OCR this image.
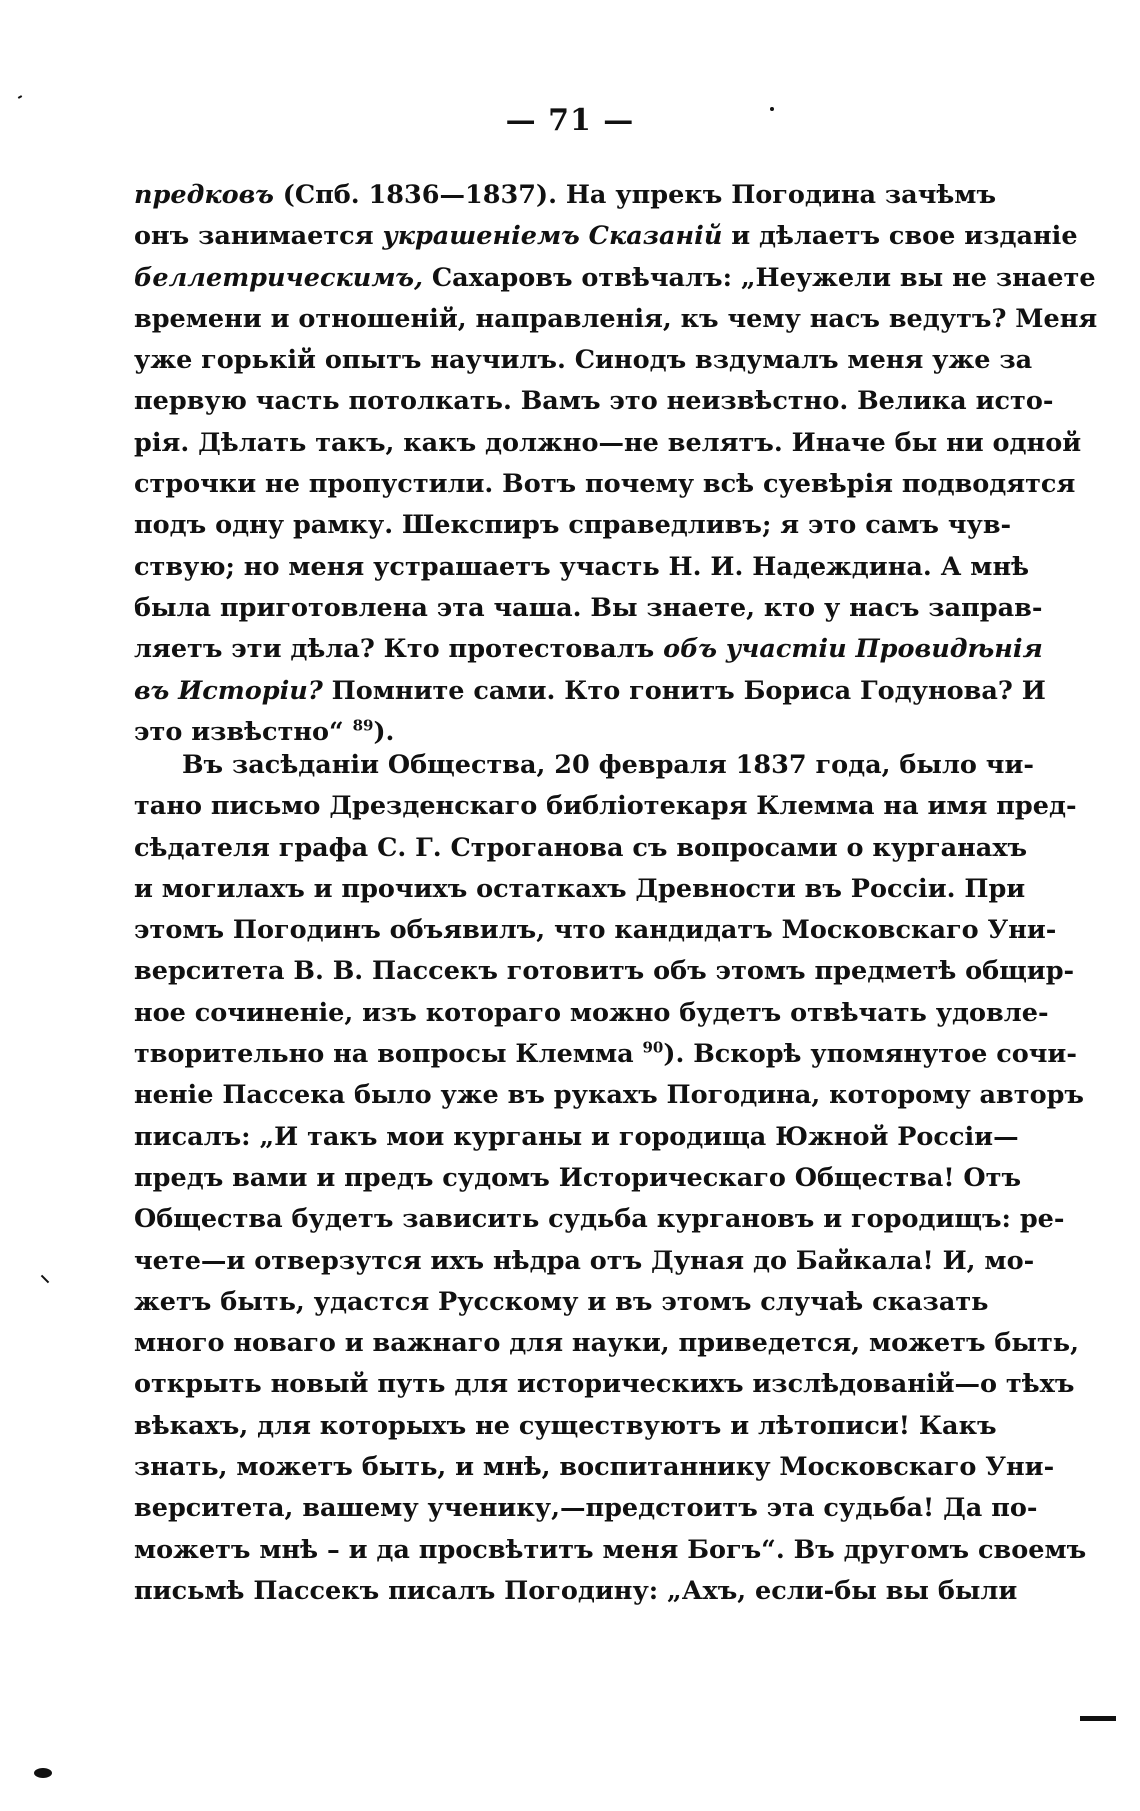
— 71 —
предковъ (Спб. 1836—1837). На упрекъ Погодина зачѣмъ
онъ занимается украшеніемъ Сказаній и дѣлаетъ свое изданіе
беллетрическимъ, Сахаровъ отвѣчалъ: „Неужели вы не знаете
времени и отношеній, направленія, къ чему насъ ведутъ? Меня
уже горькій опытъ научилъ. Синодъ вздумалъ меня уже за
первую часть потолкать. Вамъ это неизвѣстно. Велика исто-
рія. Дѣлать такъ, какъ должно—не велятъ. Иначе бы ни одной
строчки не пропустили. Вотъ почему всѣ суевѣрія подводятся
подъ одну рамку. Шекспиръ справедливъ; я это самъ чув-
ствую; но меня устрашаетъ участь Н. И. Надеждина. А мнѣ
была приготовлена эта чаша. Вы знаете, кто у насъ заправ-
ляетъ эти дѣла? Кто протестовалъ объ участіи Провидѣнія
въ Исторіи? Помните сами. Кто гонитъ Бориса Годунова? И
это извѣстно“ $^{89}$).
Въ засѣданіи Общества, 20 февраля 1837 года, было чи-
тано письмо Дрезденскаго библіотекаря Клемма на имя пред-
сѣдателя графа С. Г. Строганова съ вопросами о курганахъ
и могилахъ и прочихъ остаткахъ Древности въ Россіи. При
этомъ Погодинъ объявилъ, что кандидатъ Московскаго Уни-
верситета В. В. Пассекъ готовитъ объ этомъ предметѣ общир-
ное сочиненіе, изъ котораго можно будетъ отвѣчать удовле-
творительно на вопросы Клемма $^{90}$). Вскорѣ упомянутое сочи-
неніе Пассека было уже въ рукахъ Погодина, которому авторъ
писалъ: „И такъ мои курганы и городища Южной Россіи—
предъ вами и предъ судомъ Историческаго Общества! Отъ
Общества будетъ зависить судьба кургановъ и городищъ: ре-
чете—и отверзутся ихъ нѣдра отъ Дуная до Байкала! И, мо-
жетъ быть, удастся Русскому и въ этомъ случаѣ сказать
много новаго и важнаго для науки, приведется, можетъ быть,
открыть новый путь для историческихъ изслѣдованій—о тѣхъ
вѣкахъ, для которыхъ не существуютъ и лѣтописи! Какъ
знать, можетъ быть, и мнѣ, воспитаннику Московскаго Уни-
верситета, вашему ученику,—предстоитъ эта судьба! Да по-
можетъ мнѣ – и да просвѣтитъ меня Богъ“. Въ другомъ своемъ
письмѣ Пассекъ писалъ Погодину: „Ахъ, если-бы вы были
